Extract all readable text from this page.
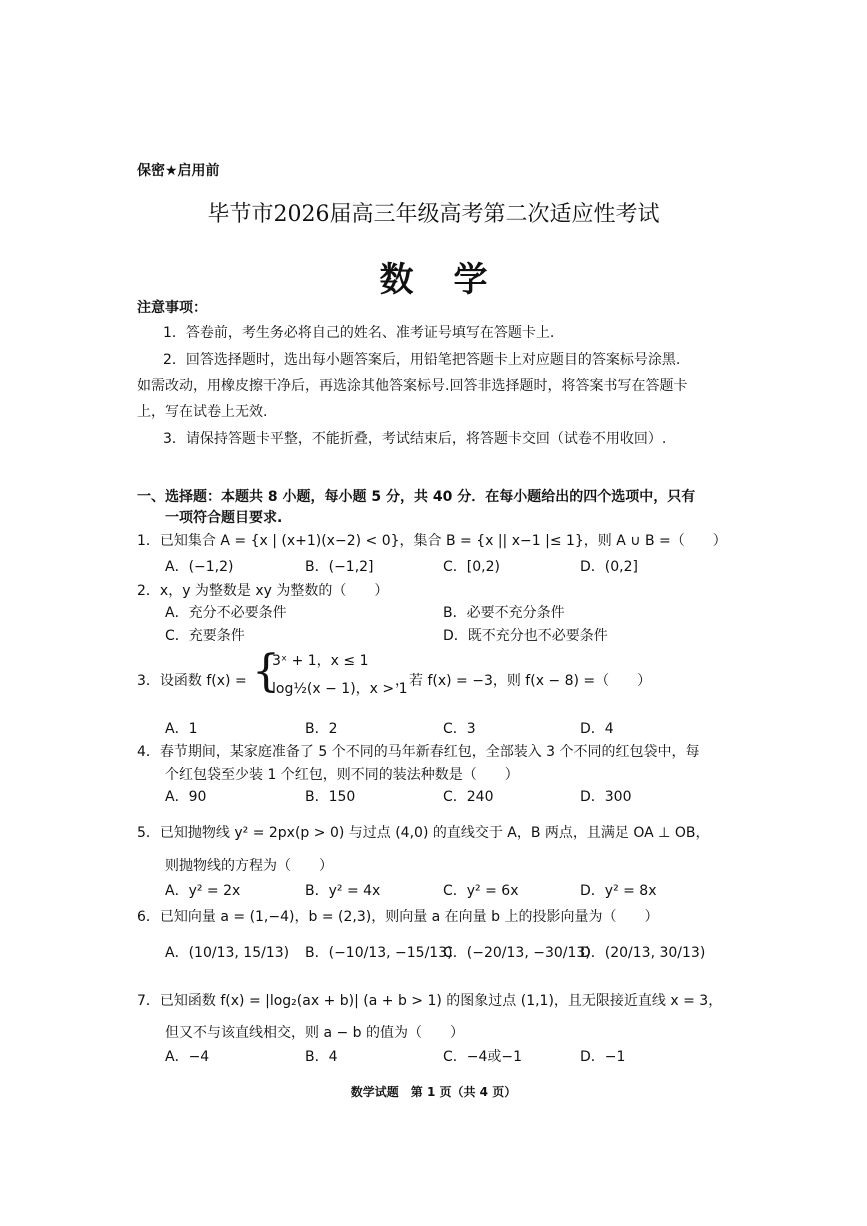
保密★启用前
毕节市2026届高三年级高考第二次适应性考试
数学
注意事项：
1．答卷前，考生务必将自己的姓名、准考证号填写在答题卡上.
2．回答选择题时，选出每小题答案后，用铅笔把答题卡上对应题目的答案标号涂黑.
如需改动，用橡皮擦干净后，再选涂其他答案标号.回答非选择题时，将答案书写在答题卡
上，写在试卷上无效.
3．请保持答题卡平整，不能折叠，考试结束后，将答题卡交回（试卷不用收回）.
一、选择题：本题共 8 小题，每小题 5 分，共 40 分．在每小题给出的四个选项中，只有
一项符合题目要求.
1．已知集合 A = {x | (x+1)(x−2) < 0}，集合 B = {x || x−1 |≤ 1}，则 A ∪ B =（　　）
A．(−1,2)	B．(−1,2]	C．[0,2)	D．(0,2]
2．x，y 为整数是 xy 为整数的（　　）
A．充分不必要条件	B．必要不充分条件
C．充要条件	D．既不充分也不必要条件
3．设函数 f(x) = {
3ˣ + 1，x ≤ 1
log½(x − 1)，x > 1
，若 f(x) = −3，则 f(x − 8) =（　　）
A．1	B．2	C．3	D．4
4．春节期间，某家庭准备了 5 个不同的马年新春红包，全部装入 3 个不同的红包袋中，每
个红包袋至少装 1 个红包，则不同的装法种数是（　　）
A．90	B．150	C．240	D．300
5．已知抛物线 y² = 2px(p > 0) 与过点 (4,0) 的直线交于 A，B 两点，且满足 OA ⊥ OB，
则抛物线的方程为（　　）
A．y² = 2x	B．y² = 4x	C．y² = 6x	D．y² = 8x
6．已知向量 a = (1,−4)，b = (2,3)，则向量 a 在向量 b 上的投影向量为（　　）
A．(10/13, 15/13) B．(−10/13, −15/13)
C．(−20/13, −30/13)
D．(20/13, 30/13)
7．已知函数 f(x) = |log₂(ax + b)| (a + b > 1) 的图象过点 (1,1)，且无限接近直线 x = 3，
但又不与该直线相交，则 a − b 的值为（　　）
A．−4	B．4	C．−4或−1	D．−1
数学试题　第 1 页（共 4 页）
